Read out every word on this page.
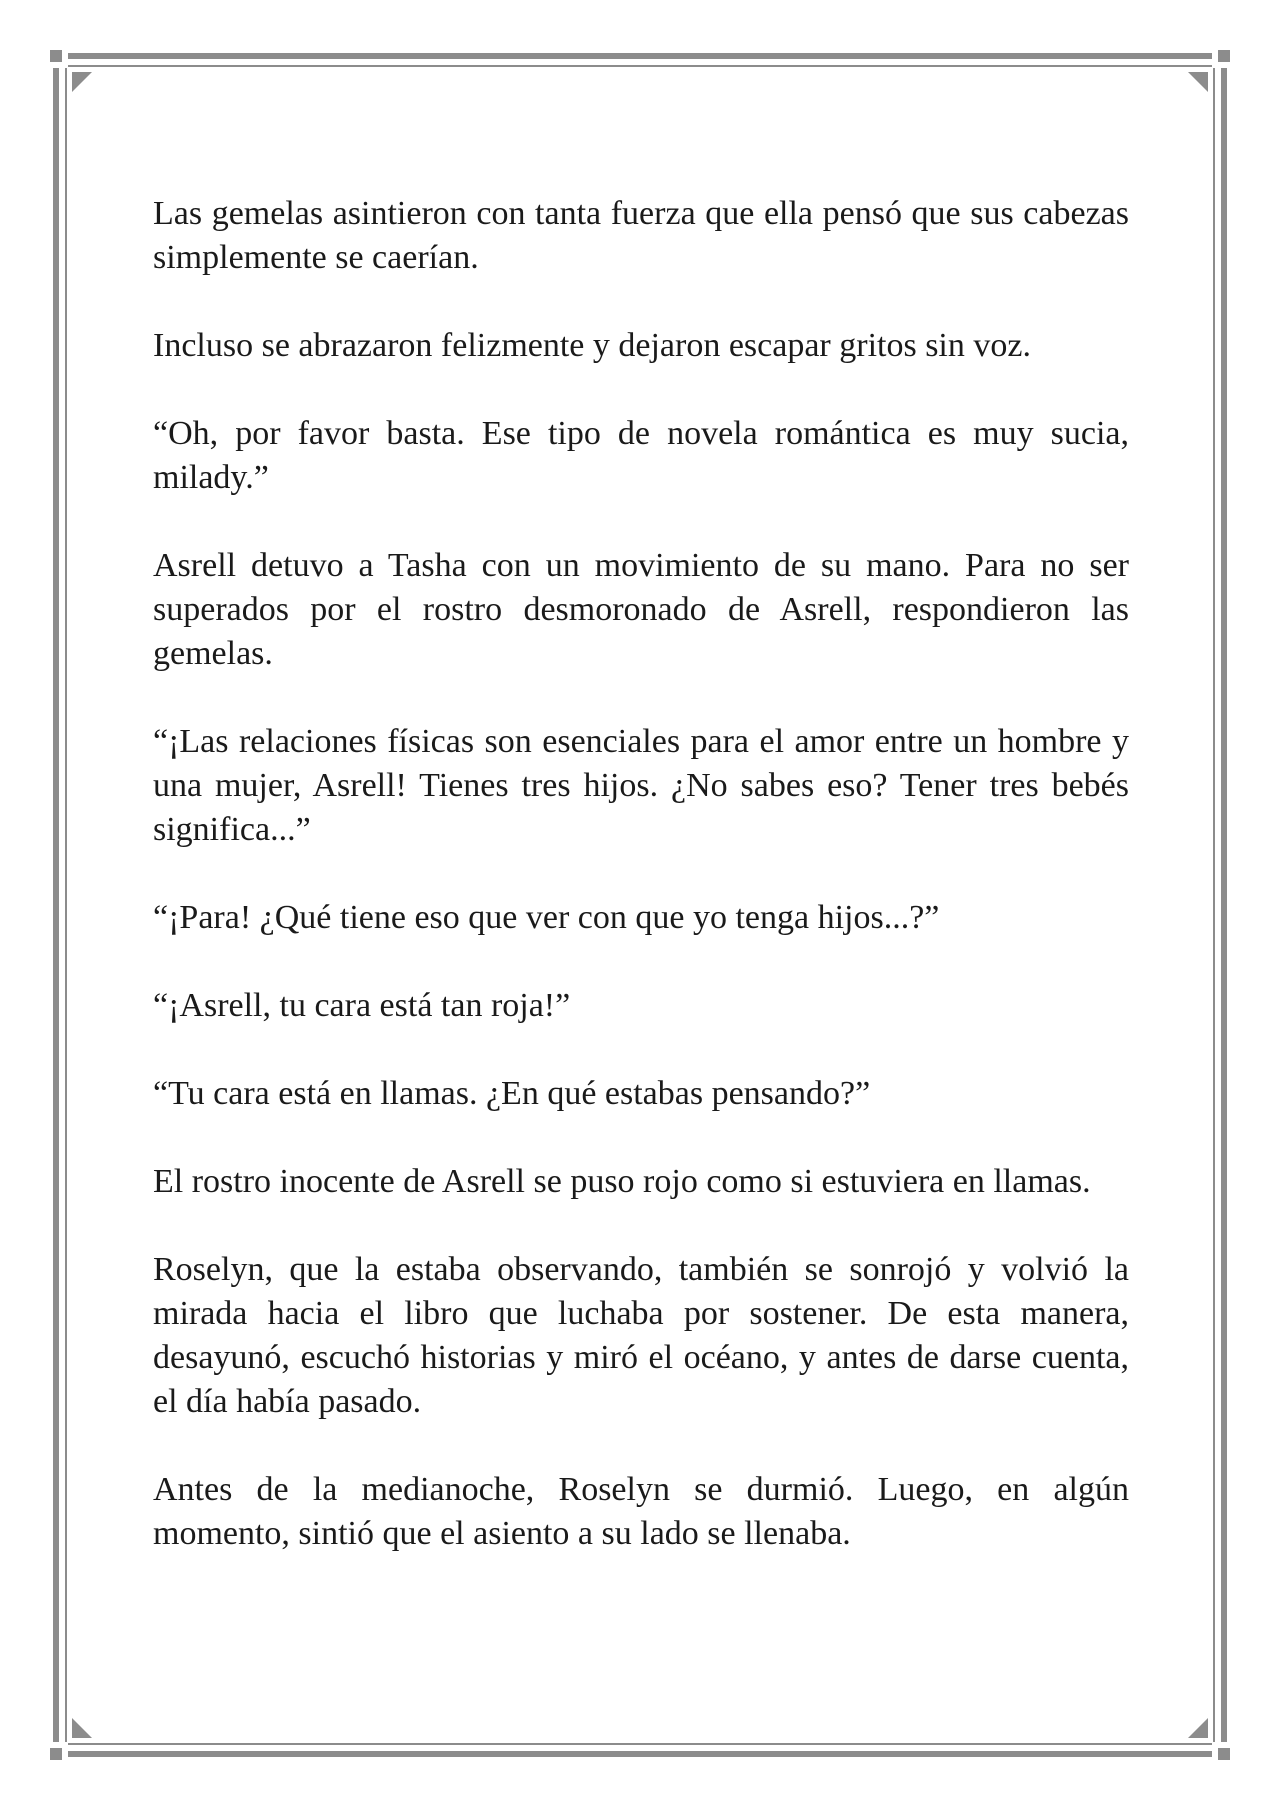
Las gemelas asintieron con tanta fuerza que ella pensó que sus cabezas simplemente se caerían.

Incluso se abrazaron felizmente y dejaron escapar gritos sin voz.

“Oh, por favor basta. Ese tipo de novela romántica es muy sucia, milady.”

Asrell detuvo a Tasha con un movimiento de su mano. Para no ser superados por el rostro desmoronado de Asrell, respondieron las gemelas.

“¡Las relaciones físicas son esenciales para el amor entre un hombre y una mujer, Asrell! Tienes tres hijos. ¿No sabes eso? Tener tres bebés significa...”

“¡Para! ¿Qué tiene eso que ver con que yo tenga hijos...?”

“¡Asrell, tu cara está tan roja!”

“Tu cara está en llamas. ¿En qué estabas pensando?”

El rostro inocente de Asrell se puso rojo como si estuviera en llamas.

Roselyn, que la estaba observando, también se sonrojó y volvió la mirada hacia el libro que luchaba por sostener. De esta manera, desayunó, escuchó historias y miró el océano, y antes de darse cuenta, el día había pasado.

Antes de la medianoche, Roselyn se durmió. Luego, en algún momento, sintió que el asiento a su lado se llenaba.
